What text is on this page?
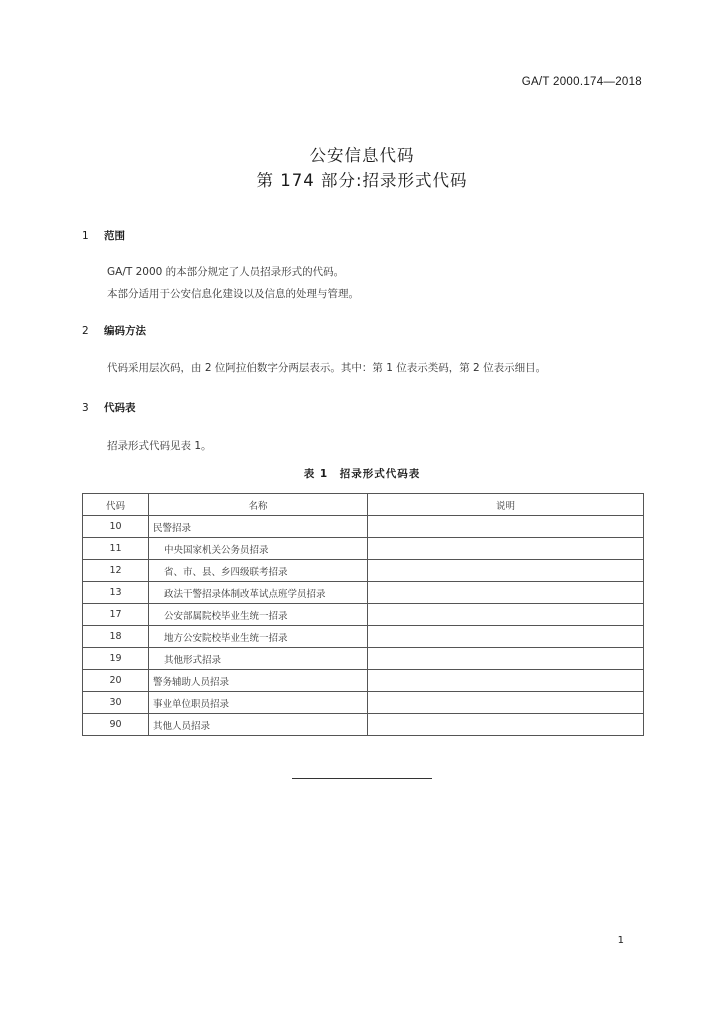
GA/T 2000.174—2018
公安信息代码
第 174 部分:招录形式代码
1 范围
GA/T 2000 的本部分规定了人员招录形式的代码。
本部分适用于公安信息化建设以及信息的处理与管理。
2 编码方法
代码采用层次码，由 2 位阿拉伯数字分两层表示。其中：第 1 位表示类码，第 2 位表示细目。
3 代码表
招录形式代码见表 1。
表 1　招录形式代码表
代码	名称	说明
10	民警招录	
11	中央国家机关公务员招录	
12	省、市、县、乡四级联考招录	
13	政法干警招录体制改革试点班学员招录	
17	公安部属院校毕业生统一招录	
18	地方公安院校毕业生统一招录	
19	其他形式招录	
20	警务辅助人员招录	
30	事业单位职员招录	
90	其他人员招录	
1
